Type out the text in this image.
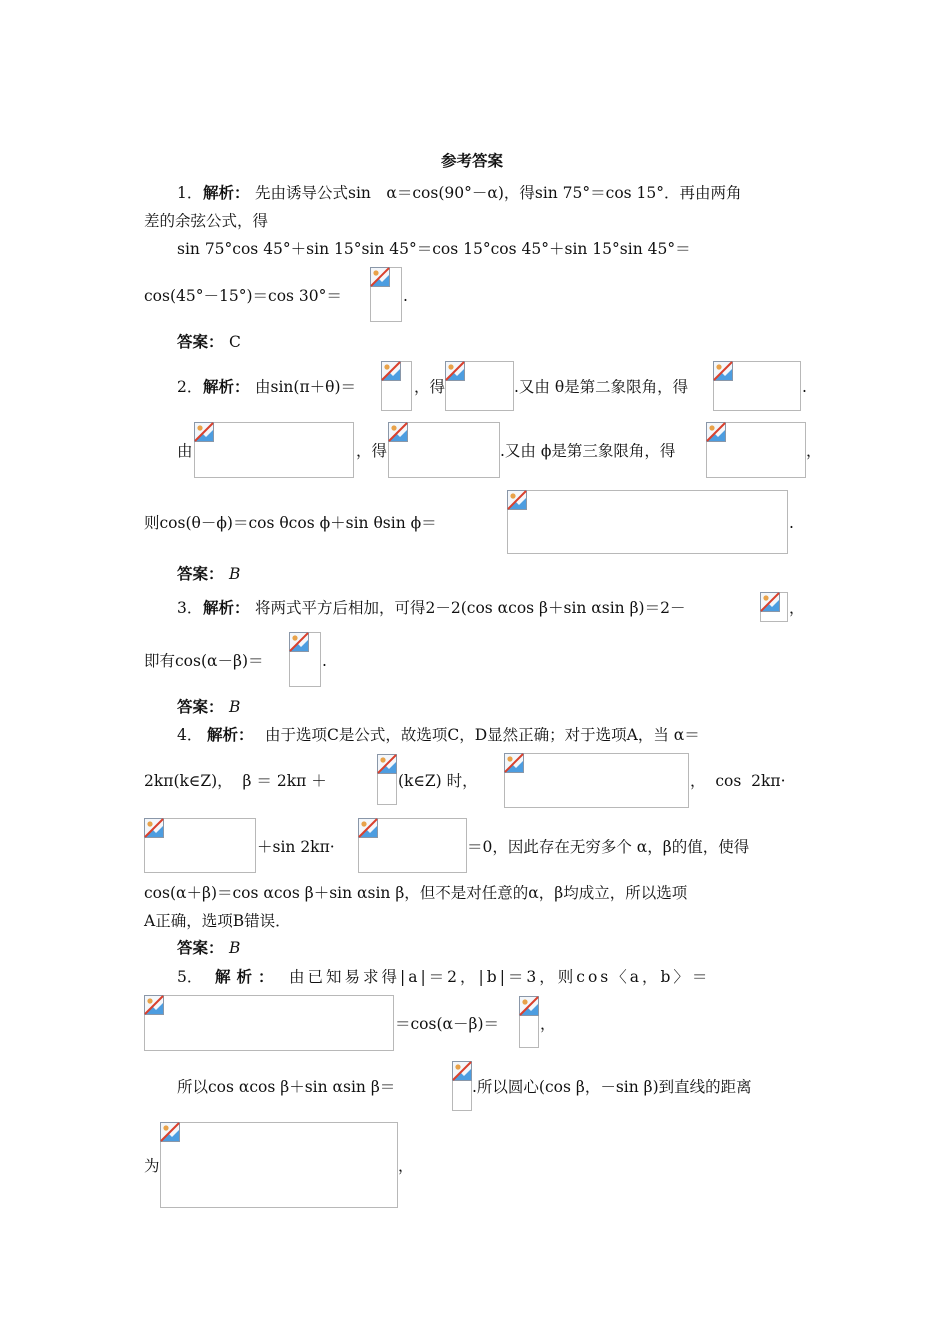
参考答案
1． 解析： 先由诱导公式sin　α＝cos(90°－α)，得sin 75°＝cos 15°．再由两角
差的余弦公式，得
sin 75°cos 45°＋sin 15°sin 45°＝cos 15°cos 45°＋sin 15°sin 45°＝
cos(45°－15°)＝cos 30°＝	.
答案： C
2． 解析： 由sin(π＋θ)＝	，得	.又由 θ是第二象限角，得	.
由	，得	.又由 ϕ是第三象限角，得	，
则cos(θ－ϕ)＝cos θcos ϕ＋sin θsin ϕ＝	.
答案： B
3． 解析： 将两式平方后相加，可得2－2(cos αcos β＋sin αsin β)＝2－	，
即有cos(α－β)＝	.
答案： B
4． 解析： 由于选项C是公式，故选项C，D显然正确；对于选项A，当 α＝
2kπ(k∈Z)，  β ＝ 2kπ ＋	(k∈Z) 时，	，  cos  2kπ·
＋sin 2kπ·	＝0，因此存在无穷多个 α，β的值，使得
cos(α＋β)＝cos αcos β＋sin αsin β，但不是对任意的α，β均成立，所以选项
A正确，选项B错误．
答案： B
5． 解析： 由已知易求得|a|＝2，|b|＝3，则cos〈a，b〉＝
＝cos(α－β)＝	，
所以cos αcos β＋sin αsin β＝	.所以圆心(cos β，－sin β)到直线的距离
为	，
